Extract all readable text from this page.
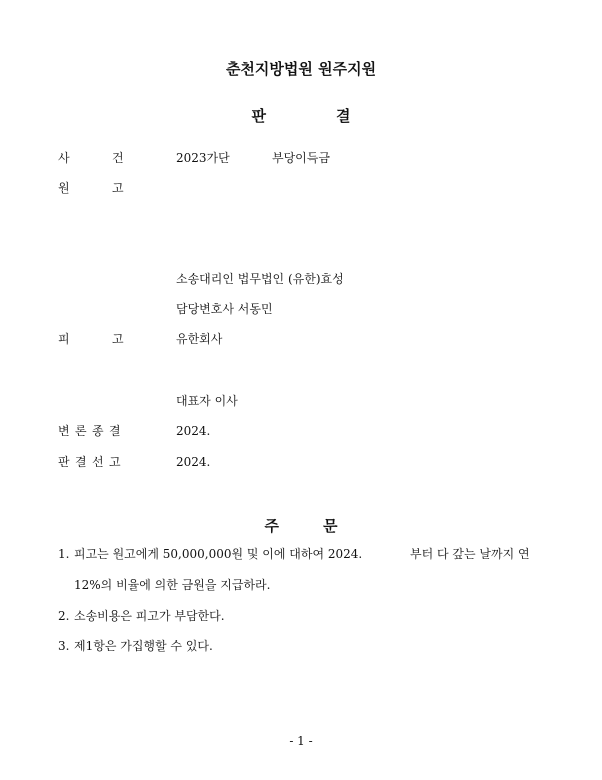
춘천지방법원 원주지원
판	결
사	건	2023가단	부당이득금
원	고
소송대리인 법무법인 (유한)효성
담당변호사 서동민
피	고	유한회사
대표자 이사
변 론 종 결	2024.
판 결 선 고	2024.
주	문
1. 피고는 원고에게 50,000,000원 및 이에 대하여 2024.	부터 다 갚는 날까지 연
12%의 비율에 의한 금원을 지급하라.
2. 소송비용은 피고가 부담한다.
3. 제1항은 가집행할 수 있다.
- 1 -
